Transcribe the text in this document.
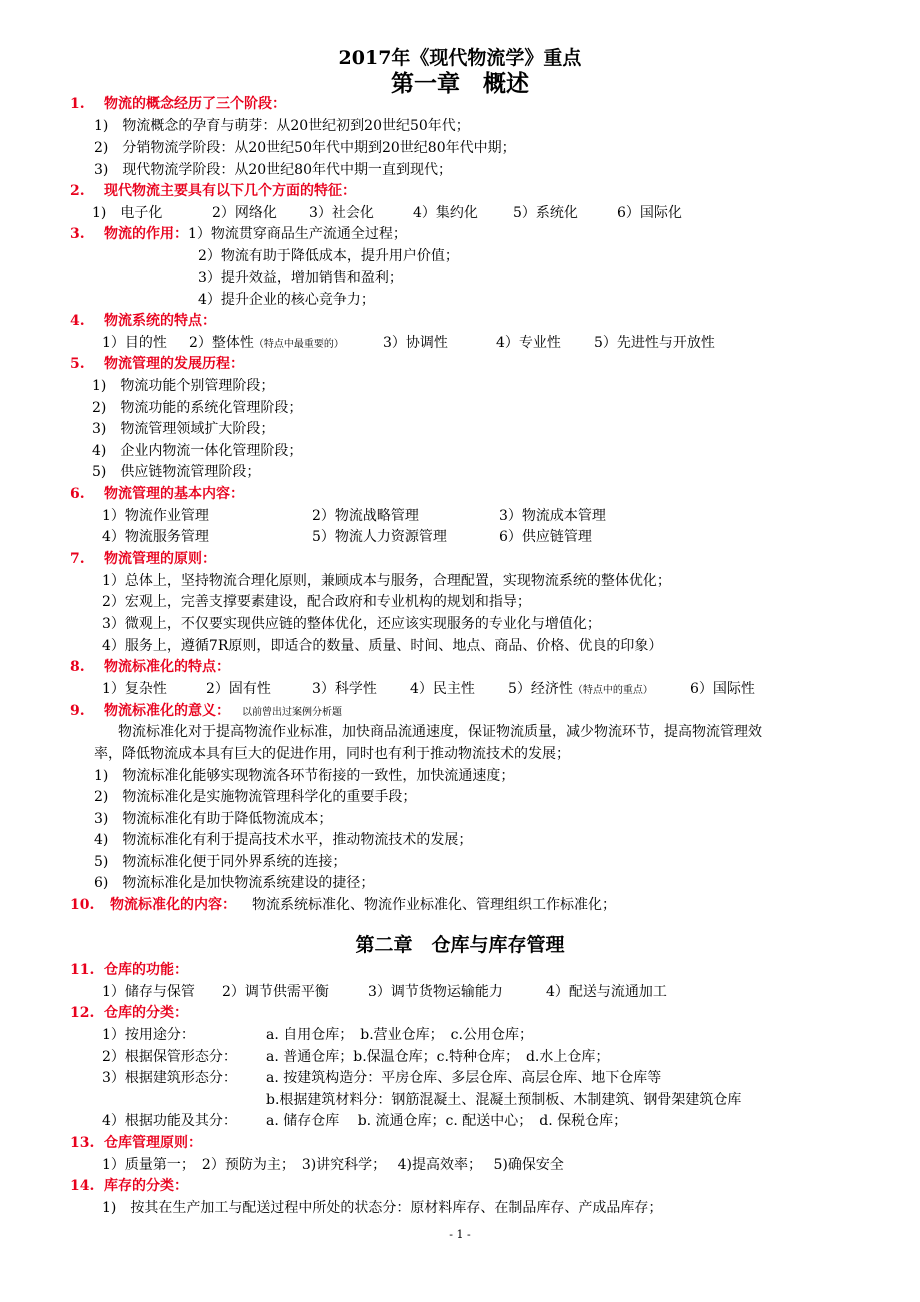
2017年《现代物流学》重点
第一章　概述
1. 物流的概念经历了三个阶段：
1)　物流概念的孕育与萌芽：从20世纪初到20世纪50年代；
2)　分销物流学阶段：从20世纪50年代中期到20世纪80年代中期；
3)　现代物流学阶段：从20世纪80年代中期一直到现代；
2. 现代物流主要具有以下几个方面的特征：
1)　电子化	2）网络化 3）社会化	4）集约化	5）系统化	6）国际化
3. 物流的作用：1）物流贯穿商品生产流通全过程；
2）物流有助于降低成本，提升用户价值；
3）提升效益，增加销售和盈利；
4）提升企业的核心竞争力；
4. 物流系统的特点：
1）目的性 2）整体性（特点中最重要的）	3）协调性	4）专业性 5）先进性与开放性
5. 物流管理的发展历程：
1)　物流功能个别管理阶段；
2)　物流功能的系统化管理阶段；
3)　物流管理领域扩大阶段；
4)　企业内物流一体化管理阶段；
5)　供应链物流管理阶段；
6. 物流管理的基本内容：
1）物流作业管理	2）物流战略管理	3）物流成本管理
4）物流服务管理	5）物流人力资源管理	6）供应链管理
7. 物流管理的原则：
1）总体上，坚持物流合理化原则，兼顾成本与服务，合理配置，实现物流系统的整体优化；
2）宏观上，完善支撑要素建设，配合政府和专业机构的规划和指导；
3）微观上，不仅要实现供应链的整体优化，还应该实现服务的专业化与增值化；
4）服务上，遵循7R原则，即适合的数量、质量、时间、地点、商品、价格、优良的印象）
8. 物流标准化的特点：
1）复杂性	2）固有性	3）科学性 4）民主性 5）经济性（特点中的重点）	6）国际性
9. 物流标准化的意义： 以前曾出过案例分析题
物流标准化对于提高物流作业标准，加快商品流通速度，保证物流质量，减少物流环节，提高物流管理效
率，降低物流成本具有巨大的促进作用，同时也有利于推动物流技术的发展；
1)　物流标准化能够实现物流各环节衔接的一致性，加快流通速度；
2)　物流标准化是实施物流管理科学化的重要手段；
3)　物流标准化有助于降低物流成本；
4)　物流标准化有利于提高技术水平，推动物流技术的发展；
5)　物流标准化便于同外界系统的连接；
6)　物流标准化是加快物流系统建设的捷径；
10. 物流标准化的内容： 物流系统标准化、物流作业标准化、管理组织工作标准化；
第二章　仓库与库存管理
11. 仓库的功能：
1）储存与保管 2）调节供需平衡	3）调节货物运输能力	4）配送与流通加工
12. 仓库的分类：
1）按用途分：	a. 自用仓库；　b.营业仓库；　c.公用仓库；
2）根据保管形态分： a. 普通仓库；b.保温仓库；c.特种仓库；　d.水上仓库；
3）根据建筑形态分： a. 按建筑构造分：平房仓库、多层仓库、高层仓库、地下仓库等
b.根据建筑材料分：钢筋混凝土、混凝土预制板、木制建筑、钢骨架建筑仓库
4）根据功能及其分： a. 储存仓库　 b. 流通仓库；c. 配送中心；　d. 保税仓库；
13. 仓库管理原则：
1）质量第一；　2）预防为主；　3)讲究科学；　 4)提高效率；　 5)确保安全
14. 库存的分类：
1)　按其在生产加工与配送过程中所处的状态分：原材料库存、在制品库存、产成品库存；
- 1 -
